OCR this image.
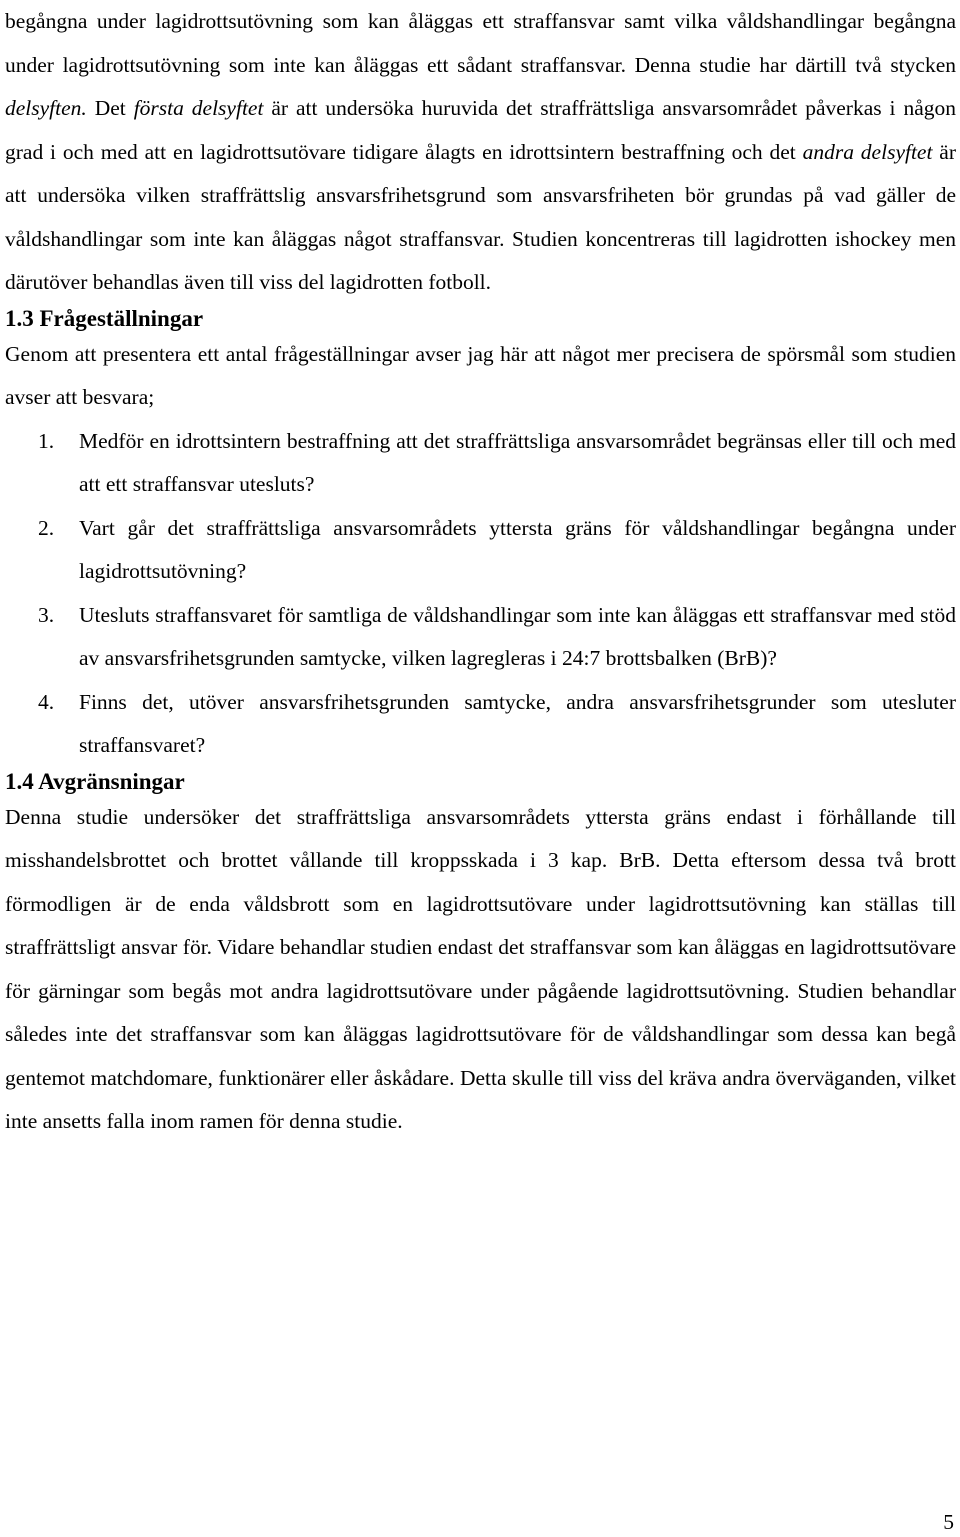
begångna under lagidrottsutövning som kan åläggas ett straffansvar samt vilka våldshandlingar begångna under lagidrottsutövning som inte kan åläggas ett sådant straffansvar. Denna studie har därtill två stycken delsyften. Det första delsyftet är att undersöka huruvida det straffrättsliga ansvarsområdet påverkas i någon grad i och med att en lagidrottsutövare tidigare ålagts en idrottsintern bestraffning och det andra delsyftet är att undersöka vilken straffrättslig ansvarsfrihetsgrund som ansvarsfriheten bör grundas på vad gäller de våldshandlingar som inte kan åläggas något straffansvar. Studien koncentreras till lagidrotten ishockey men därutöver behandlas även till viss del lagidrotten fotboll.

1.3 Frågeställningar

Genom att presentera ett antal frågeställningar avser jag här att något mer precisera de spörsmål som studien avser att besvara;

1. Medför en idrottsintern bestraffning att det straffrättsliga ansvarsområdet begränsas eller till och med att ett straffansvar utesluts?
2. Vart går det straffrättsliga ansvarsområdets yttersta gräns för våldshandlingar begångna under lagidrottsutövning?
3. Utesluts straffansvaret för samtliga de våldshandlingar som inte kan åläggas ett straffansvar med stöd av ansvarsfrihetsgrunden samtycke, vilken lagregleras i 24:7 brottsbalken (BrB)?
4. Finns det, utöver ansvarsfrihetsgrunden samtycke, andra ansvarsfrihetsgrunder som utesluter straffansvaret?
1.4 Avgränsningar

Denna studie undersöker det straffrättsliga ansvarsområdets yttersta gräns endast i förhållande till misshandelsbrottet och brottet vållande till kroppsskada i 3 kap. BrB. Detta eftersom dessa två brott förmodligen är de enda våldsbrott som en lagidrottsutövare under lagidrottsutövning kan ställas till straffrättsligt ansvar för. Vidare behandlar studien endast det straffansvar som kan åläggas en lagidrottsutövare för gärningar som begås mot andra lagidrottsutövare under pågående lagidrottsutövning. Studien behandlar således inte det straffansvar som kan åläggas lagidrottsutövare för de våldshandlingar som dessa kan begå gentemot matchdomare, funktionärer eller åskådare. Detta skulle till viss del kräva andra överväganden, vilket inte ansetts falla inom ramen för denna studie.

5
